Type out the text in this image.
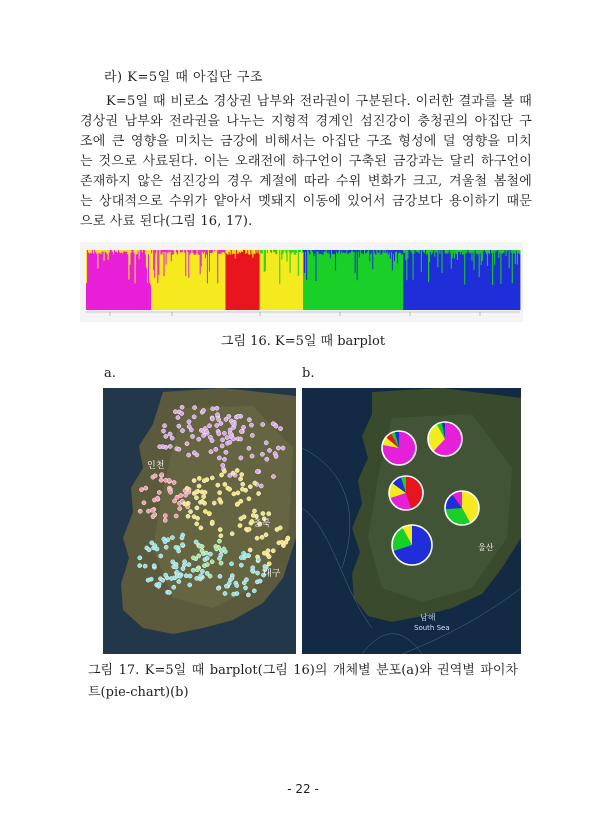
라) K=5일 때 아집단 구조
K=5일 때 비로소 경상권 남부와 전라권이 구분된다. 이러한 결과를 볼 때
경상권 남부와 전라권을 나누는 지형적 경계인 섬진강이 충청권의 아집단 구
조에 큰 영향을 미치는 금강에 비해서는 아집단 구조 형성에 덜 영향을 미치
는 것으로 사료된다. 이는 오래전에 하구언이 구축된 금강과는 달리 하구언이
존재하지 않은 섬진강의 경우 계절에 따라 수위 변화가 크고, 겨울철 봄철에
는 상대적으로 수위가 얕아서 멧돼지 이동에 있어서 금강보다 용이하기 때문
으로 사료 된다(그림 16, 17).
그림 16. K=5일 때 barplot
a.	b.
인천
충북
대구
남해
South Sea
울산
그림 17. K=5일 때 barplot(그림 16)의 개체별 분포(a)와 권역별 파이차
트(pie-chart)(b)
- 22 -
